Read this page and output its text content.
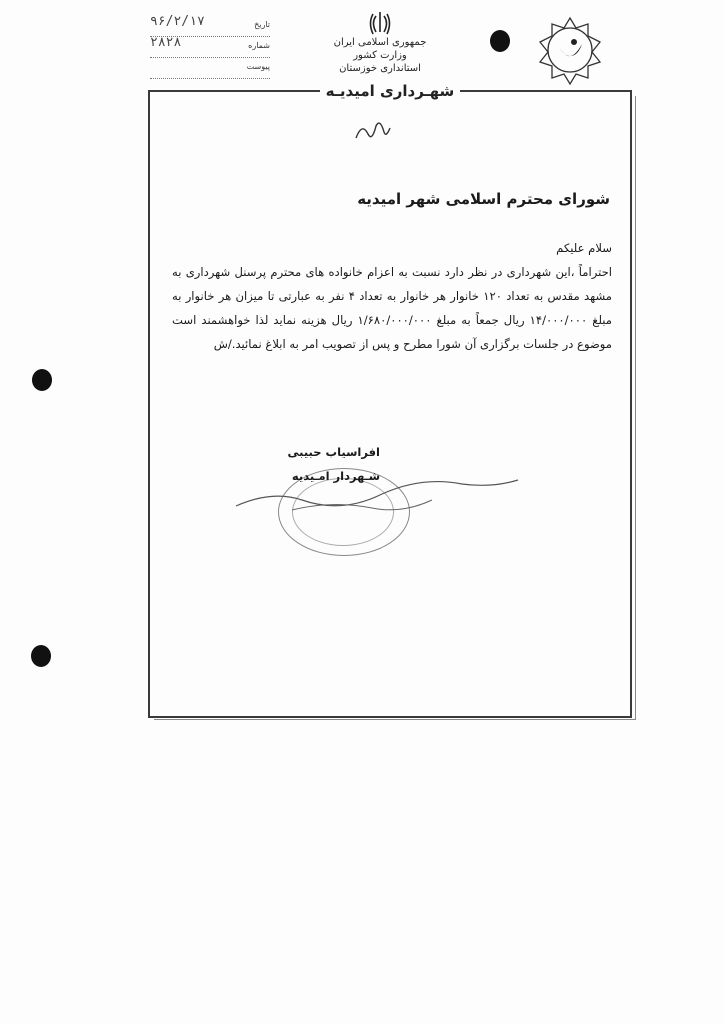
جمهوری اسلامی ایران
وزارت کشور
استانداری خوزستان
تاریخ
۹۶/۲/۱۷
شماره
۲۸۲۸
پیوست
شهـرداری امیدیـه
شورای محترم اسلامی شهر امیدیه
سلام علیکم
احتراماً ،این شهرداری در نظر دارد نسبت به اعزام خانواده های محترم پرسنل شهرداری به مشهد مقدس به تعداد ۱۲۰ خانوار هر خانوار به تعداد ۴ نفر به عبارتی تا میزان هر خانوار به مبلغ ۱۴/۰۰۰/۰۰۰ ریال جمعاً به مبلغ ۱/۶۸۰/۰۰۰/۰۰۰ ریال هزینه نماید لذا خواهشمند است موضوع در جلسات برگزاری آن شورا مطرح و پس از تصویب امر به ابلاغ نمائید./ش
افراسیاب حبیبی
شـهردار امـیدیه
